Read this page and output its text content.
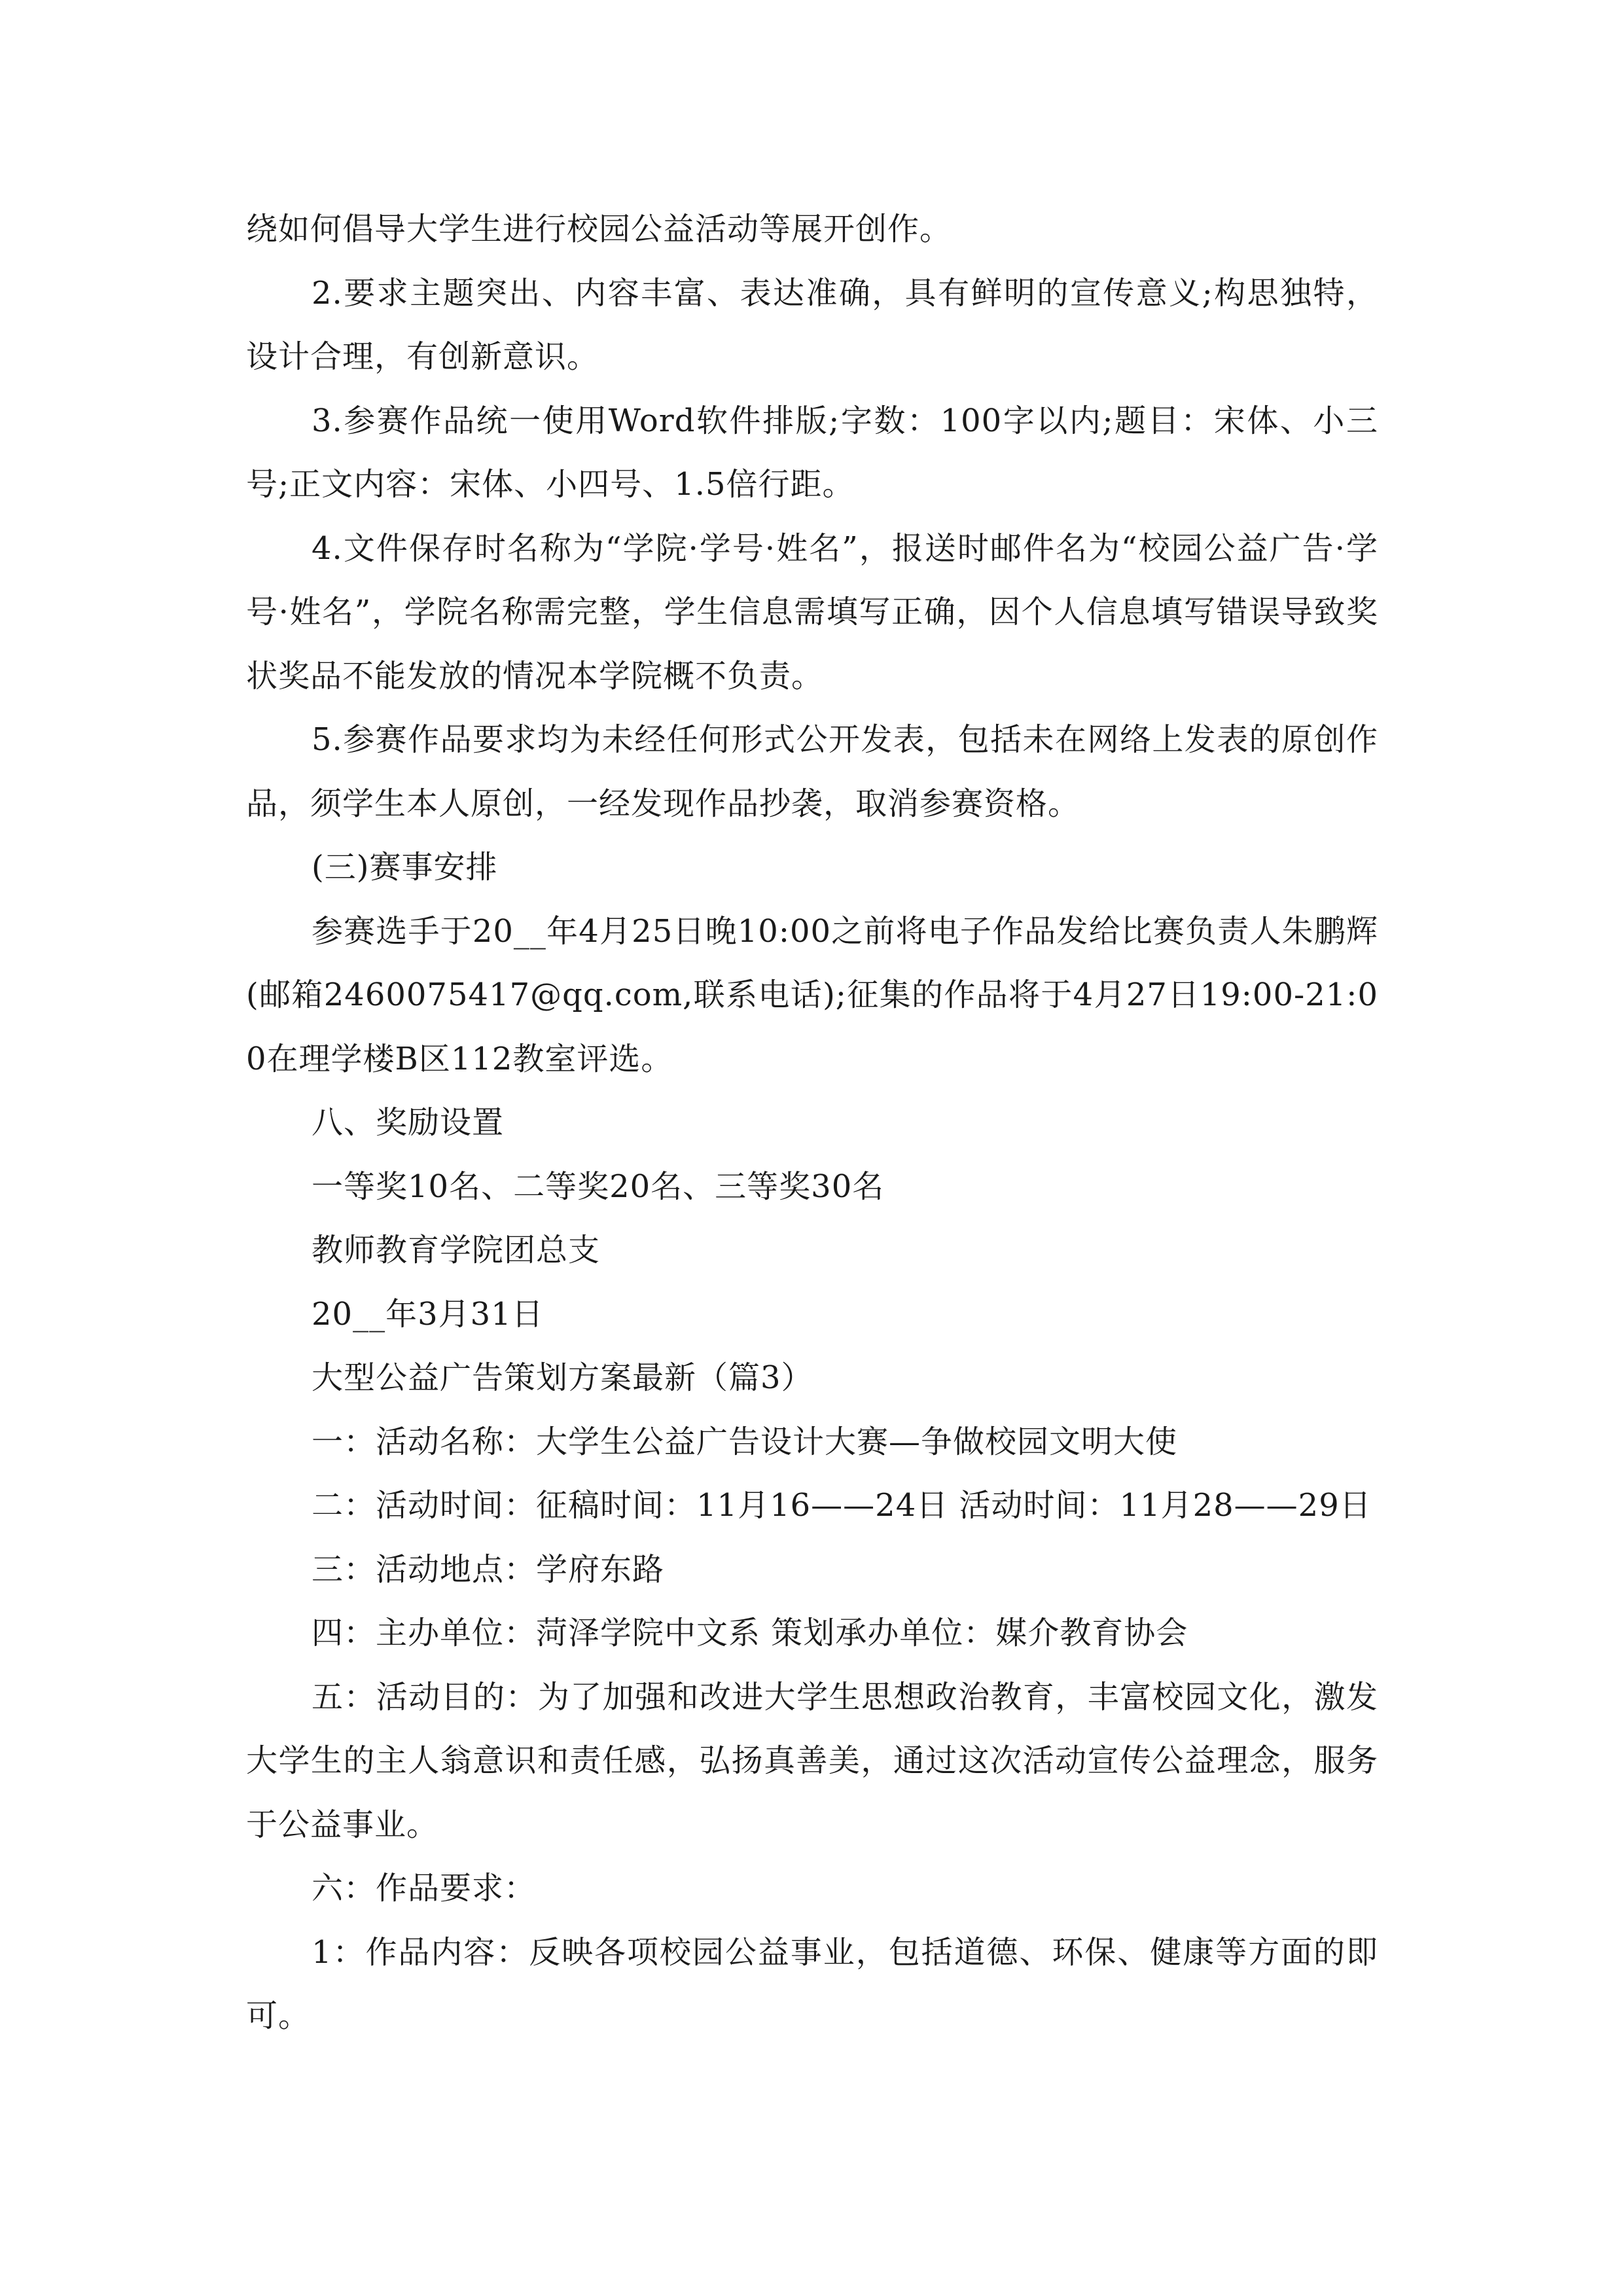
绕如何倡导大学生进行校园公益活动等展开创作。

2.要求主题突出、内容丰富、表达准确，具有鲜明的宣传意义;构思独特，设计合理，有创新意识。

3.参赛作品统一使用Word软件排版;字数：100字以内;题目：宋体、小三号;正文内容：宋体、小四号、1.5倍行距。

4.文件保存时名称为“学院·学号·姓名”，报送时邮件名为“校园公益广告·学号·姓名”，学院名称需完整，学生信息需填写正确，因个人信息填写错误导致奖状奖品不能发放的情况本学院概不负责。

5.参赛作品要求均为未经任何形式公开发表，包括未在网络上发表的原创作品，须学生本人原创，一经发现作品抄袭，取消参赛资格。

(三)赛事安排

参赛选手于20__年4月25日晚10:00之前将电子作品发给比赛负责人朱鹏辉(邮箱2460075417@qq.com,联系电话);征集的作品将于4月27日19:00-21:00在理学楼B区112教室评选。

八、奖励设置

一等奖10名、二等奖20名、三等奖30名

教师教育学院团总支

20__年3月31日

大型公益广告策划方案最新（篇3）

一：活动名称：大学生公益广告设计大赛—争做校园文明大使

二：活动时间：征稿时间：11月16——24日 活动时间：11月28——29日

三：活动地点：学府东路

四：主办单位：菏泽学院中文系 策划承办单位：媒介教育协会

五：活动目的：为了加强和改进大学生思想政治教育，丰富校园文化，激发大学生的主人翁意识和责任感，弘扬真善美，通过这次活动宣传公益理念，服务于公益事业。

六：作品要求：

1：作品内容：反映各项校园公益事业，包括道德、环保、健康等方面的即可。
